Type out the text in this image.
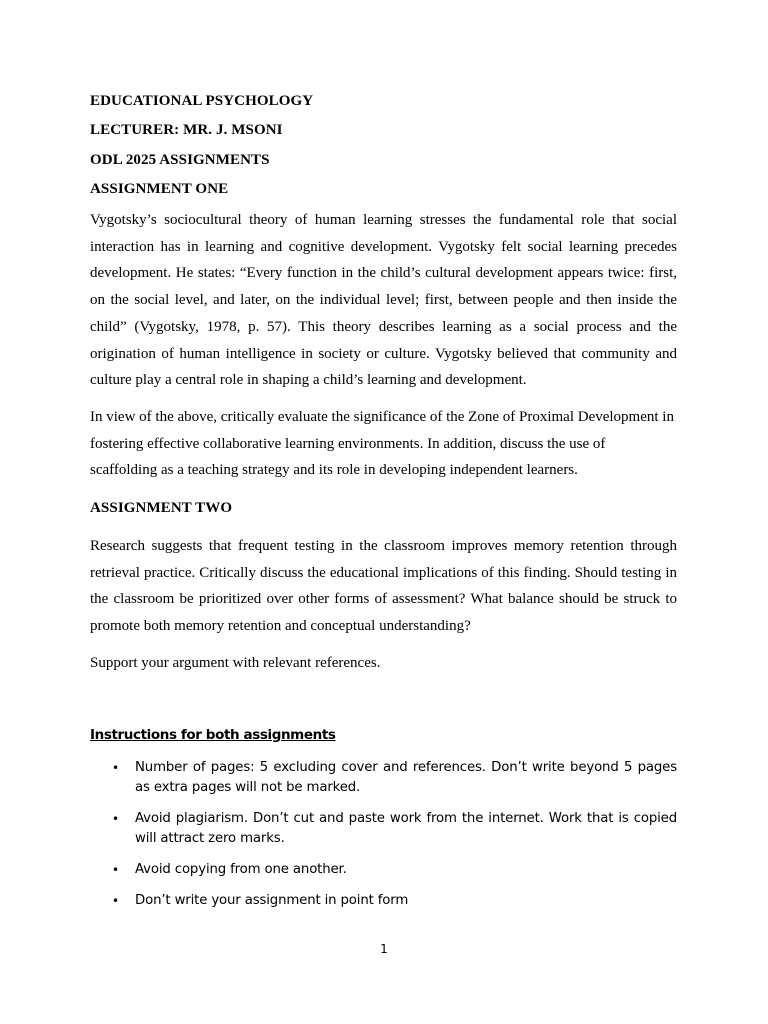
EDUCATIONAL PSYCHOLOGY
LECTURER: MR. J. MSONI
ODL 2025 ASSIGNMENTS
ASSIGNMENT ONE

Vygotsky’s sociocultural theory of human learning stresses the fundamental role that social interaction has in learning and cognitive development. Vygotsky felt social learning precedes development. He states: “Every function in the child’s cultural development appears twice: first, on the social level, and later, on the individual level; first, between people and then inside the child” (Vygotsky, 1978, p. 57). This theory describes learning as a social process and the origination of human intelligence in society or culture. Vygotsky believed that community and culture play a central role in shaping a child’s learning and development.

In view of the above, critically evaluate the significance of the Zone of Proximal Development in
fostering effective collaborative learning environments. In addition, discuss the use of
scaffolding as a teaching strategy and its role in developing independent learners.
ASSIGNMENT TWO

Research suggests that frequent testing in the classroom improves memory retention through retrieval practice. Critically discuss the educational implications of this finding. Should testing in the classroom be prioritized over other forms of assessment? What balance should be struck to promote both memory retention and conceptual understanding?

Support your argument with relevant references.

Instructions for both assignments
• Number of pages: 5 excluding cover and references. Don’t write beyond 5 pages as extra pages will not be marked.
• Avoid plagiarism. Don’t cut and paste work from the internet. Work that is copied will attract zero marks.
• Avoid copying from one another.
• Don’t write your assignment in point form
1
